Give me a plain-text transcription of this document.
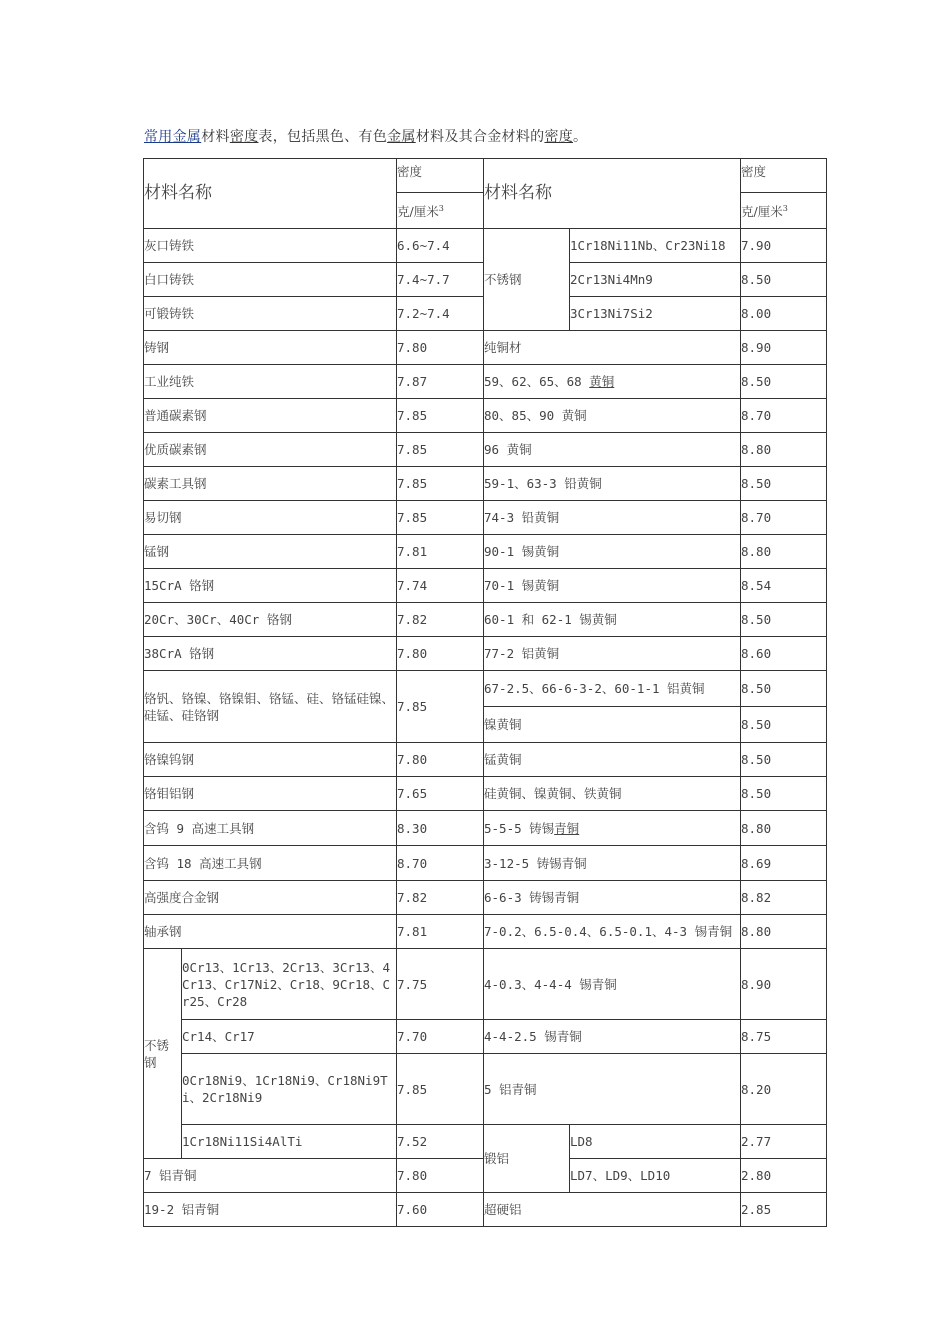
常用金属材料密度表，包括黑色、有色金属材料及其合金材料的密度。
材料名称		密度	材料名称		密度
		克/厘米$^3$			克/厘米$^3$
灰口铸铁		6.6~7.4	不锈钢	1Cr18Ni11Nb、Cr23Ni18	7.90
白口铸铁		7.4~7.7		2Cr13Ni4Mn9	8.50
可锻铸铁		7.2~7.4		3Cr13Ni7Si2	8.00
铸钢		7.80	纯铜材		8.90
工业纯铁		7.87	59、62、65、68 黄铜		8.50
普通碳素钢		7.85	80、85、90 黄铜		8.70
优质碳素钢		7.85	96 黄铜		8.80
碳素工具钢		7.85	59-1、63-3 铅黄铜		8.50
易切钢		7.85	74-3 铅黄铜		8.70
锰钢		7.81	90-1 锡黄铜		8.80
15CrA 铬钢		7.74	70-1 锡黄铜		8.54
20Cr、30Cr、40Cr 铬钢		7.82	60-1 和 62-1 锡黄铜		8.50
38CrA 铬钢		7.80	77-2 铝黄铜		8.60
铬钒、铬镍、铬镍钼、铬锰、硅、铬锰硅镍、硅锰、硅铬钢		7.85	67-2.5、66-6-3-2、60-1-1 铝黄铜		8.50
			镍黄铜		8.50
铬镍钨钢		7.80	锰黄铜		8.50
铬钼铝钢		7.65	硅黄铜、镍黄铜、铁黄铜		8.50
含钨 9 高速工具钢		8.30	5-5-5 铸锡青铜		8.80
含钨 18 高速工具钢		8.70	3-12-5 铸锡青铜		8.69
高强度合金钢		7.82	6-6-3 铸锡青铜		8.82
轴承钢		7.81	7-0.2、6.5-0.4、6.5-0.1、4-3 锡青铜		8.80
不锈钢	0Cr13、1Cr13、2Cr13、3Cr13、4Cr13、Cr17Ni2、Cr18、9Cr18、Cr25、Cr28	7.75	4-0.3、4-4-4 锡青铜		8.90
	Cr14、Cr17	7.70	4-4-2.5 锡青铜		8.75
	0Cr18Ni9、1Cr18Ni9、Cr18Ni9Ti、2Cr18Ni9	7.85	5 铝青铜		8.20
	1Cr18Ni11Si4AlTi	7.52	锻铝	LD8	2.77
7 铝青铜		7.80		LD7、LD9、LD10	2.80
19-2 铝青铜		7.60	超硬铝		2.85
